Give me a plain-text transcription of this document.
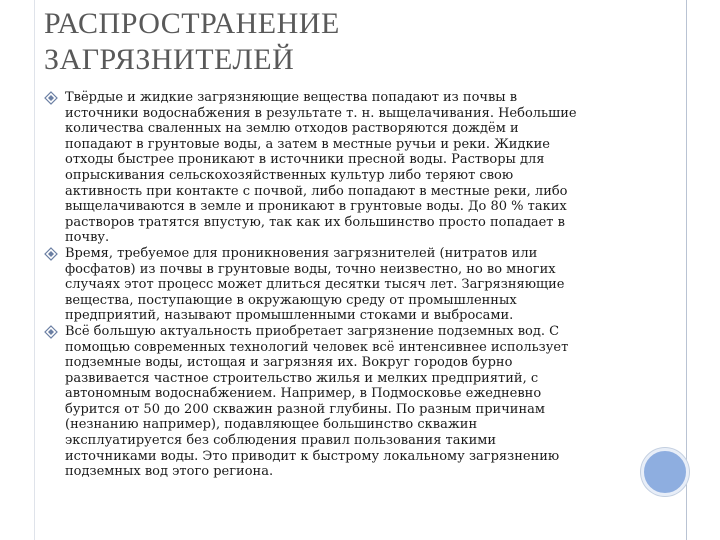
РАСПРОСТРАНЕНИЕ
ЗАГРЯЗНИТЕЛЕЙ

Твёрдые и жидкие загрязняющие вещества попадают из почвы в
источники водоснабжения в результате т. н. выщелачивания. Небольшие
количества сваленных на землю отходов растворяются дождём и
попадают в грунтовые воды, а затем в местные ручьи и реки. Жидкие
отходы быстрее проникают в источники пресной воды. Растворы для
опрыскивания сельскохозяйственных культур либо теряют свою
активность при контакте с почвой, либо попадают в местные реки, либо
выщелачиваются в земле и проникают в грунтовые воды. До 80 % таких
растворов тратятся впустую, так как их большинство просто попадает в
почву.

Время, требуемое для проникновения загрязнителей (нитратов или
фосфатов) из почвы в грунтовые воды, точно неизвестно, но во многих
случаях этот процесс может длиться десятки тысяч лет. Загрязняющие
вещества, поступающие в окружающую среду от промышленных
предприятий, называют промышленными стоками и выбросами.

Всё большую актуальность приобретает загрязнение подземных вод. С
помощью современных технологий человек всё интенсивнее использует
подземные воды, истощая и загрязняя их. Вокруг городов бурно
развивается частное строительство жилья и мелких предприятий, с
автономным водоснабжением. Например, в Подмосковье ежедневно
бурится от 50 до 200 скважин разной глубины. По разным причинам
(незнанию например), подавляющее большинство скважин
эксплуатируется без соблюдения правил пользования такими
источниками воды. Это приводит к быстрому локальному загрязнению
подземных вод этого региона.
